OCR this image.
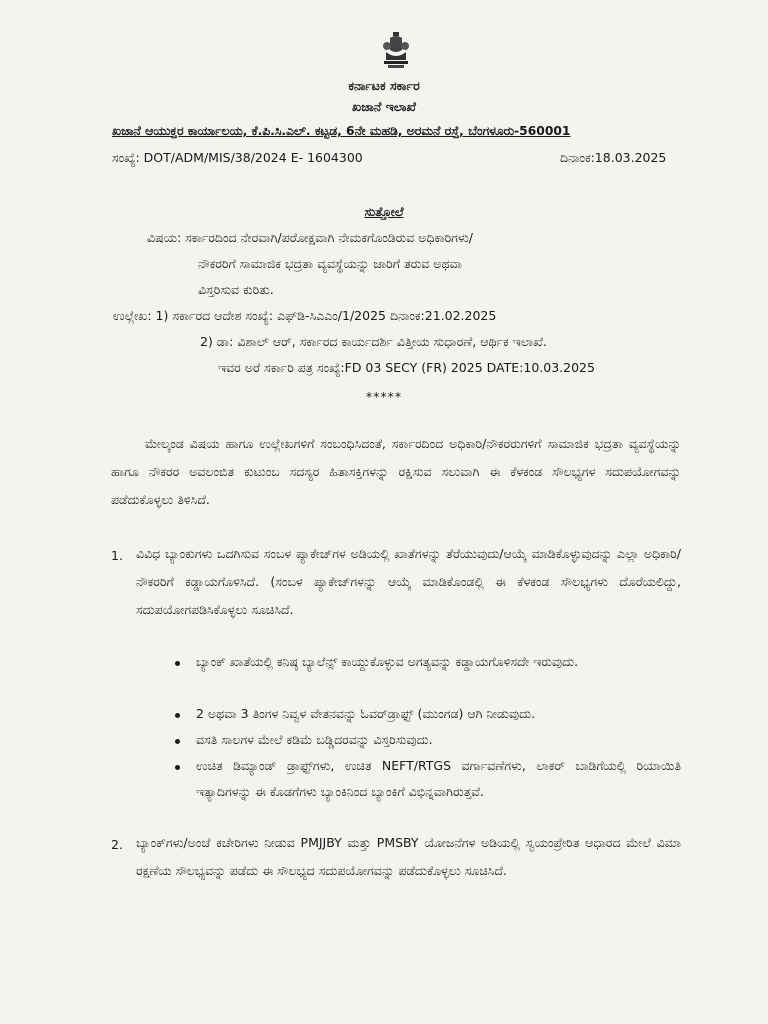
ಕರ್ನಾಟಕ ಸರ್ಕಾರ
ಖಜಾನೆ ಇಲಾಖೆ
ಖಜಾನೆ ಆಯುಕ್ತರ ಕಾರ್ಯಾಲಯ, ಕೆ.ಪಿ.ಸಿ.ಎಲ್. ಕಟ್ಟಡ, 6ನೇ ಮಹಡಿ, ಅರಮನೆ ರಸ್ತೆ, ಬೆಂಗಳೂರು-560001
ಸಂಖ್ಯೆ: DOT/ADM/MIS/38/2024 E- 1604300	ದಿನಾಂಕ:18.03.2025
ಸುತ್ತೋಲೆ
ವಿಷಯ: ಸರ್ಕಾರದಿಂದ ನೇರವಾಗಿ/ಪರೋಕ್ಷವಾಗಿ ನೇಮಕಗೊಂಡಿರುವ ಅಧಿಕಾರಿಗಳು/
ನೌಕರರಿಗೆ ಸಾಮಾಜಿಕ ಭದ್ರತಾ ವ್ಯವಸ್ಥೆಯನ್ನು ಜಾರಿಗೆ ತರುವ ಅಥವಾ
ವಿಸ್ತರಿಸುವ ಕುರಿತು.
ಉಲ್ಲೇಖ: 1) ಸರ್ಕಾರದ ಆದೇಶ ಸಂಖ್ಯೆ: ಎಫ್‌ಡಿ-ಸಿಎಎಂ/1/2025 ದಿನಾಂಕ:21.02.2025
2) ಡಾ: ವಿಶಾಲ್ ಆರ್, ಸರ್ಕಾರದ ಕಾರ್ಯದರ್ಶಿ ವಿತ್ತೀಯ ಸುಧಾರಣೆ, ಆರ್ಥಿಕ ಇಲಾಖೆ.
ಇವರ ಅರೆ ಸರ್ಕಾರಿ ಪತ್ರ ಸಂಖ್ಯೆ:FD 03 SECY (FR) 2025 DATE:10.03.2025
*****
ಮೇಲ್ಕಂಡ ವಿಷಯ ಹಾಗೂ ಉಲ್ಲೇಖಗಳಿಗೆ ಸಂಬಂಧಿಸಿದಂತೆ, ಸರ್ಕಾರದಿಂದ ಅಧಿಕಾರಿ/ನೌಕರರುಗಳಿಗೆ ಸಾಮಾಜಿಕ ಭದ್ರತಾ ವ್ಯವಸ್ಥೆಯನ್ನು ಹಾಗೂ ನೌಕರರ ಅವಲಂಬಿತ ಕುಟುಂಬ ಸದಸ್ಯರ ಹಿತಾಸಕ್ತಿಗಳನ್ನು ರಕ್ಷಿಸುವ ಸಲುವಾಗಿ ಈ ಕೆಳಕಂಡ ಸೌಲಭ್ಯಗಳ ಸದುಪಯೋಗವನ್ನು ಪಡೆದುಕೊಳ್ಳಲು ತಿಳಿಸಿದೆ.
1. ವಿವಿಧ ಬ್ಯಾಂಕುಗಳು ಒದಗಿಸುವ ಸಂಬಳ ಪ್ಯಾಕೇಜ್‌ಗಳ ಅಡಿಯಲ್ಲಿ ಖಾತೆಗಳನ್ನು ತೆರೆಯುವುದು/ಆಯ್ಕೆ ಮಾಡಿಕೊಳ್ಳುವುದನ್ನು ಎಲ್ಲಾ ಅಧಿಕಾರಿ/ನೌಕರರಿಗೆ ಕಡ್ಡಾಯಗೊಳಿಸಿದೆ. (ಸಂಬಳ ಪ್ಯಾಕೇಜ್‌ಗಳನ್ನು ಆಯ್ಕೆ ಮಾಡಿಕೊಂಡಲ್ಲಿ ಈ ಕೆಳಕಂಡ ಸೌಲಭ್ಯಗಳು ದೊರೆಯಲಿದ್ದು, ಸದುಪಯೋಗಪಡಿಸಿಕೊಳ್ಳಲು ಸೂಚಿಸಿದೆ.
ಬ್ಯಾಂಕ್ ಖಾತೆಯಲ್ಲಿ ಕನಿಷ್ಠ ಬ್ಯಾಲೆನ್ಸ್ ಕಾಯ್ದುಕೊಳ್ಳುವ ಅಗತ್ಯವನ್ನು ಕಡ್ಡಾಯಗೊಳಿಸದೇ ಇರುವುದು.
2 ಅಥವಾ 3 ತಿಂಗಳ ನಿವ್ವಳ ವೇತನವನ್ನು ಓವರ್‌ಡ್ರಾಫ್ಟ್ (ಮುಂಗಡ) ಆಗಿ ನೀಡುವುದು.
ವಸತಿ ಸಾಲಗಳ ಮೇಲೆ ಕಡಿಮೆ ಬಡ್ಡಿದರವನ್ನು ವಿಸ್ತರಿಸುವುದು.
ಉಚಿತ ಡಿಮ್ಯಾಂಡ್ ಡ್ರಾಫ್ಟ್‌ಗಳು, ಉಚಿತ NEFT/RTGS ವರ್ಗಾವಣೆಗಳು, ಲಾಕರ್ ಬಾಡಿಗೆಯಲ್ಲಿ ರಿಯಾಯಿತಿ ಇತ್ಯಾದಿಗಳನ್ನು ಈ ಕೊಡಗೆಗಳು ಬ್ಯಾಂಕಿನಿಂದ ಬ್ಯಾಂಕಿಗೆ ವಿಭಿನ್ನವಾಗಿರುತ್ತವೆ.
2. ಬ್ಯಾಂಕ್‌ಗಳು/ಅಂಚೆ ಕಚೇರಿಗಳು ನೀಡುವ PMJJBY ಮತ್ತು PMSBY ಯೋಜನೆಗಳ ಅಡಿಯಲ್ಲಿ ಸ್ವಯಂಪ್ರೇರಿತ ಆಧಾರದ ಮೇಲೆ ವಿಮಾ ರಕ್ಷಣೆಯ ಸೌಲಭ್ಯವನ್ನು ಪಡೆದು ಈ ಸೌಲಭ್ಯದ ಸದುಪಯೋಗವನ್ನು ಪಡೆದುಕೊಳ್ಳಲು ಸೂಚಿಸಿದೆ.
